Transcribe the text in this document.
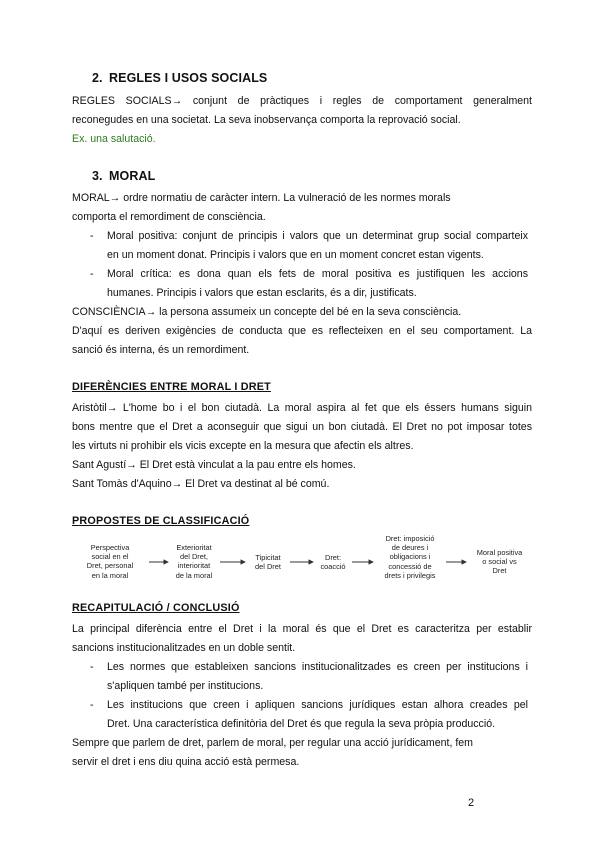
2. REGLES I USOS SOCIALS
REGLES SOCIALS→ conjunt de pràctiques i regles de comportament generalment
reconegudes en una societat. La seva inobservança comporta la reprovació social.
Ex. una salutació.
3. MORAL
MORAL→ ordre normatiu de caràcter intern. La vulneració de les normes morals
comporta el remordiment de consciència.
- Moral positiva: conjunt de principis i valors que un determinat grup social comparteix
en un moment donat. Principis i valors que en un moment concret estan vigents.
- Moral crítica: es dona quan els fets de moral positiva es justifiquen les accions
humanes. Principis i valors que estan esclarits, és a dir, justificats.
CONSCIÈNCIA→ la persona assumeix un concepte del bé en la seva consciència.
D'aquí es deriven exigències de conducta que es reflecteixen en el seu comportament. La
sanció és interna, és un remordiment.
DIFERÈNCIES ENTRE MORAL I DRET
Aristòtil→ L'home bo i el bon ciutadà. La moral aspira al fet que els éssers humans siguin
bons mentre que el Dret a aconseguir que sigui un bon ciutadà. El Dret no pot imposar totes
les virtuts ni prohibir els vicis excepte en la mesura que afectin els altres.
Sant Agustí→ El Dret està vinculat a la pau entre els homes.
Sant Tomàs d'Aquino→ El Dret va destinat al bé comú.
PROPOSTES DE CLASSIFICACIÓ
Perspectiva
social en el
Dret, personal
en la moral
Exterioritat
del Dret,
interioritat
de la moral
Tipicitat
del Dret
Dret:
coacció
Dret: imposició
de deures i
obligacions i
concessió de
drets i privilegis
Moral positiva
o social vs
Dret
RECAPITULACIÓ / CONCLUSIÓ
La principal diferència entre el Dret i la moral és que el Dret es caracteritza per establir
sancions institucionalitzades en un doble sentit.
- Les normes que estableixen sancions institucionalitzades es creen per institucions i
s'apliquen també per institucions.
- Les institucions que creen i apliquen sancions jurídiques estan alhora creades pel
Dret. Una característica definitòria del Dret és que regula la seva pròpia producció.
Sempre que parlem de dret, parlem de moral, per regular una acció jurídicament, fem
servir el dret i ens diu quina acció està permesa.
2
